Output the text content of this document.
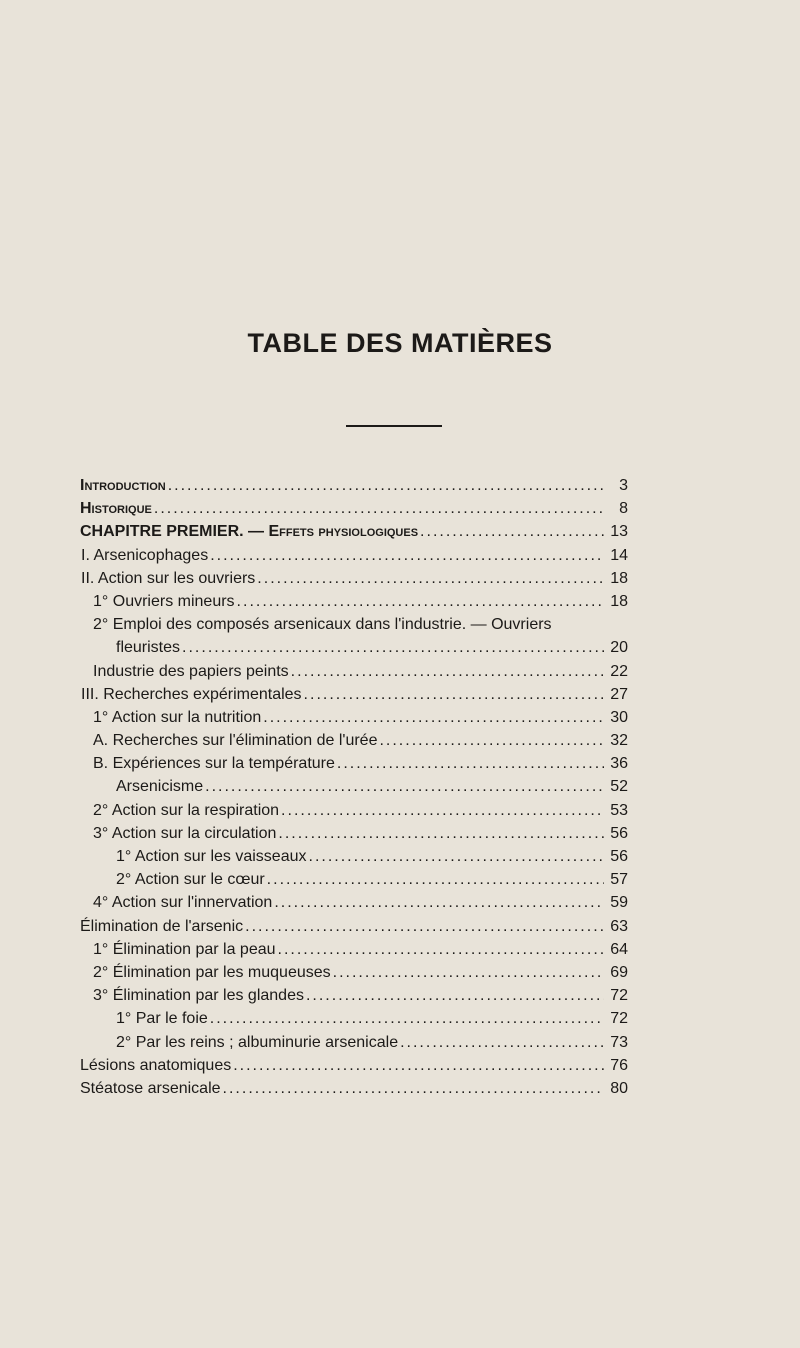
TABLE DES MATIÈRES
Introduction .....	3
Historique .....	8
CHAPITRE PREMIER. — Effets physiologiques .....	13
I. Arsenicophages .....	14
II. Action sur les ouvriers .....	18
1° Ouvriers mineurs .....	18
2° Emploi des composés arsenicaux dans l'industrie. — Ouvriers
fleuristes .....	20
Industrie des papiers peints .....	22
III. Recherches expérimentales .....	27
1° Action sur la nutrition .....	30
A. Recherches sur l'élimination de l'urée .....	32
B. Expériences sur la température .....	36
Arsenicisme .....	52
2° Action sur la respiration .....	53
3° Action sur la circulation .....	56
1° Action sur les vaisseaux .....	56
2° Action sur le cœur .....	57
4° Action sur l'innervation .....	59
Élimination de l'arsenic .....	63
1° Élimination par la peau .....	64
2° Élimination par les muqueuses .....	69
3° Élimination par les glandes .....	72
1° Par le foie .....	72
2° Par les reins ; albuminurie arsenicale .....	73
Lésions anatomiques .....	76
Stéatose arsenicale .....	80
